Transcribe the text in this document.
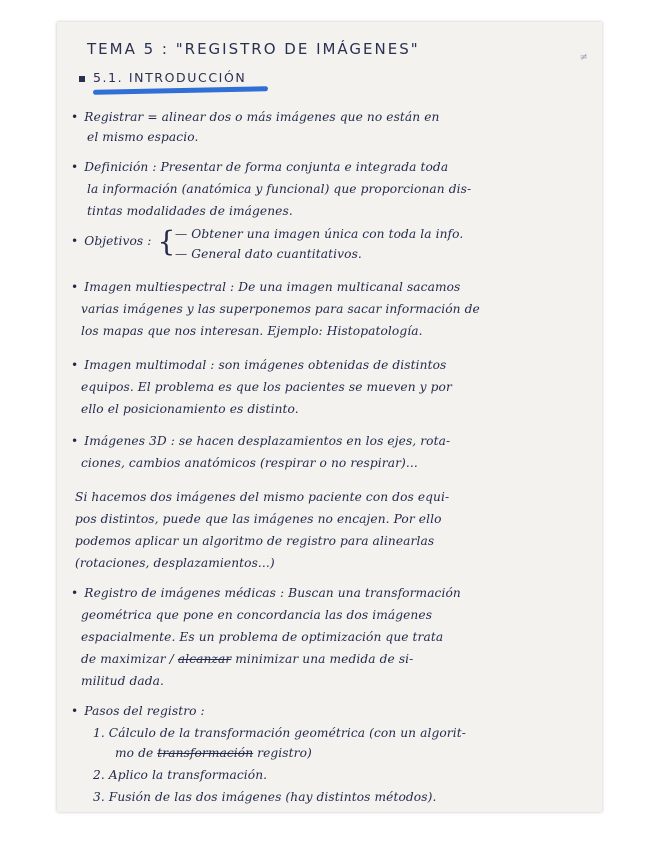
TEMA 5 : "REGISTRO DE IMÁGENES"	≠
5.1. INTRODUCCIÓN
• Registrar = alinear dos o más imágenes que no están en
el mismo espacio.
• Definición : Presentar de forma conjunta e integrada toda
la información (anatómica y funcional) que proporcionan dis-
tintas modalidades de imágenes.
• Objetivos : { — Obtener una imagen única con toda la info.
— General dato cuantitativos.
• Imagen multiespectral : De una imagen multicanal sacamos
varias imágenes y las superponemos para sacar información de
los mapas que nos interesan. Ejemplo: Histopatología.
• Imagen multimodal : son imágenes obtenidas de distintos
equipos. El problema es que los pacientes se mueven y por
ello el posicionamiento es distinto.
• Imágenes 3D : se hacen desplazamientos en los ejes, rota-
ciones, cambios anatómicos (respirar o no respirar)...
Si hacemos dos imágenes del mismo paciente con dos equi-
pos distintos, puede que las imágenes no encajen. Por ello
podemos aplicar un algoritmo de registro para alinearlas
(rotaciones, desplazamientos...)
• Registro de imágenes médicas : Buscan una transformación
geométrica que pone en concordancia las dos imágenes
espacialmente. Es un problema de optimización que trata
de maximizar / alcanzar minimizar una medida de si-
militud dada.
• Pasos del registro :
1. Cálculo de la transformación geométrica (con un algorit-
mo de transformación registro)
2. Aplico la transformación.
3. Fusión de las dos imágenes (hay distintos métodos).
